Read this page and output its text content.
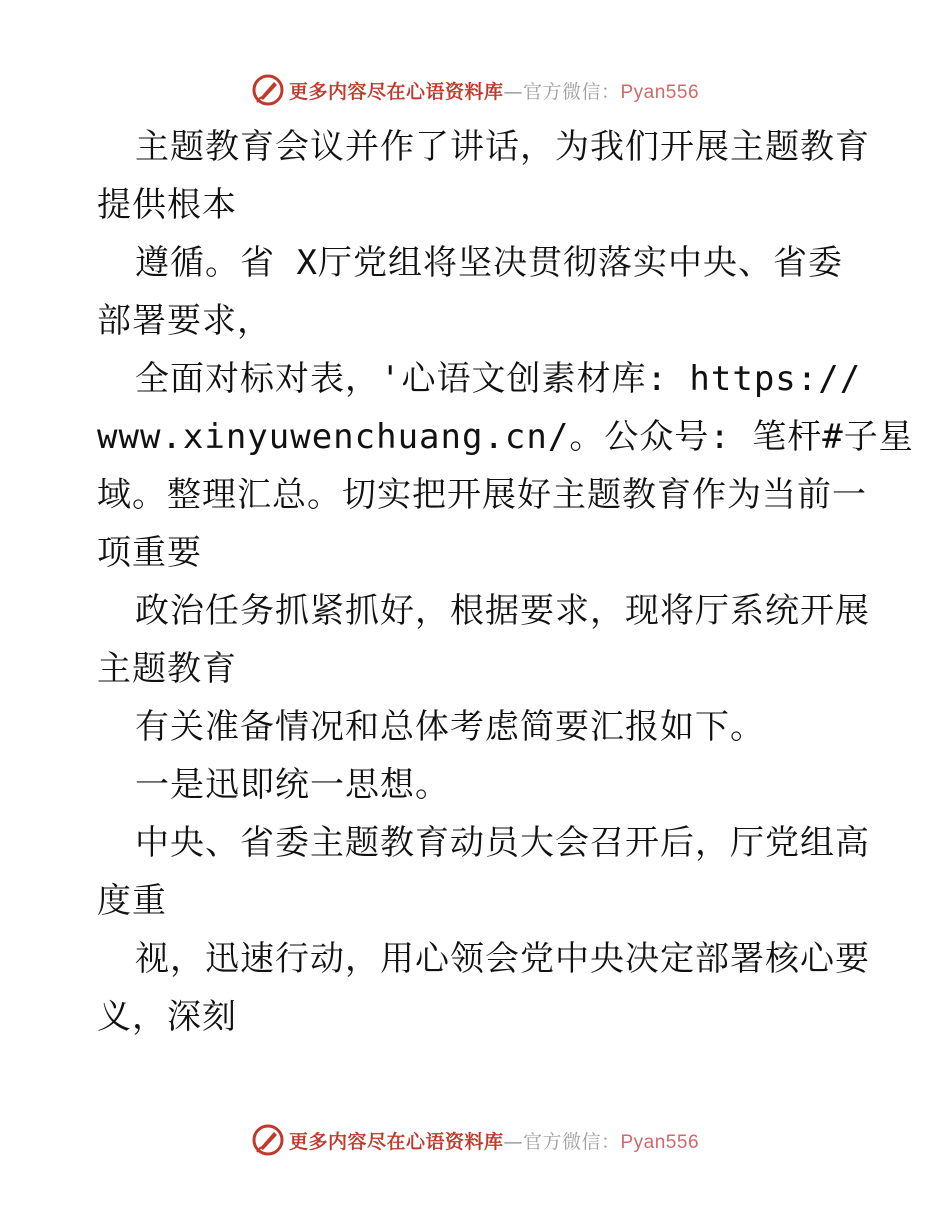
更多内容尽在心语资料库—官方微信：Pyan556
主题教育会议并作了讲话，为我们开展主题教育
提供根本
遵循。省 X厅党组将坚决贯彻落实中央、省委
部署要求，
全面对标对表，'心语文创素材库: https://
www.xinyuwenchuang.cn/。公众号: 笔杆#子星
域。整理汇总。切实把开展好主题教育作为当前一
项重要
政治任务抓紧抓好，根据要求，现将厅系统开展
主题教育
有关准备情况和总体考虑简要汇报如下。
一是迅即统一思想。
中央、省委主题教育动员大会召开后，厅党组高
度重
视，迅速行动，用心领会党中央决定部署核心要
义，深刻
更多内容尽在心语资料库—官方微信：Pyan556
